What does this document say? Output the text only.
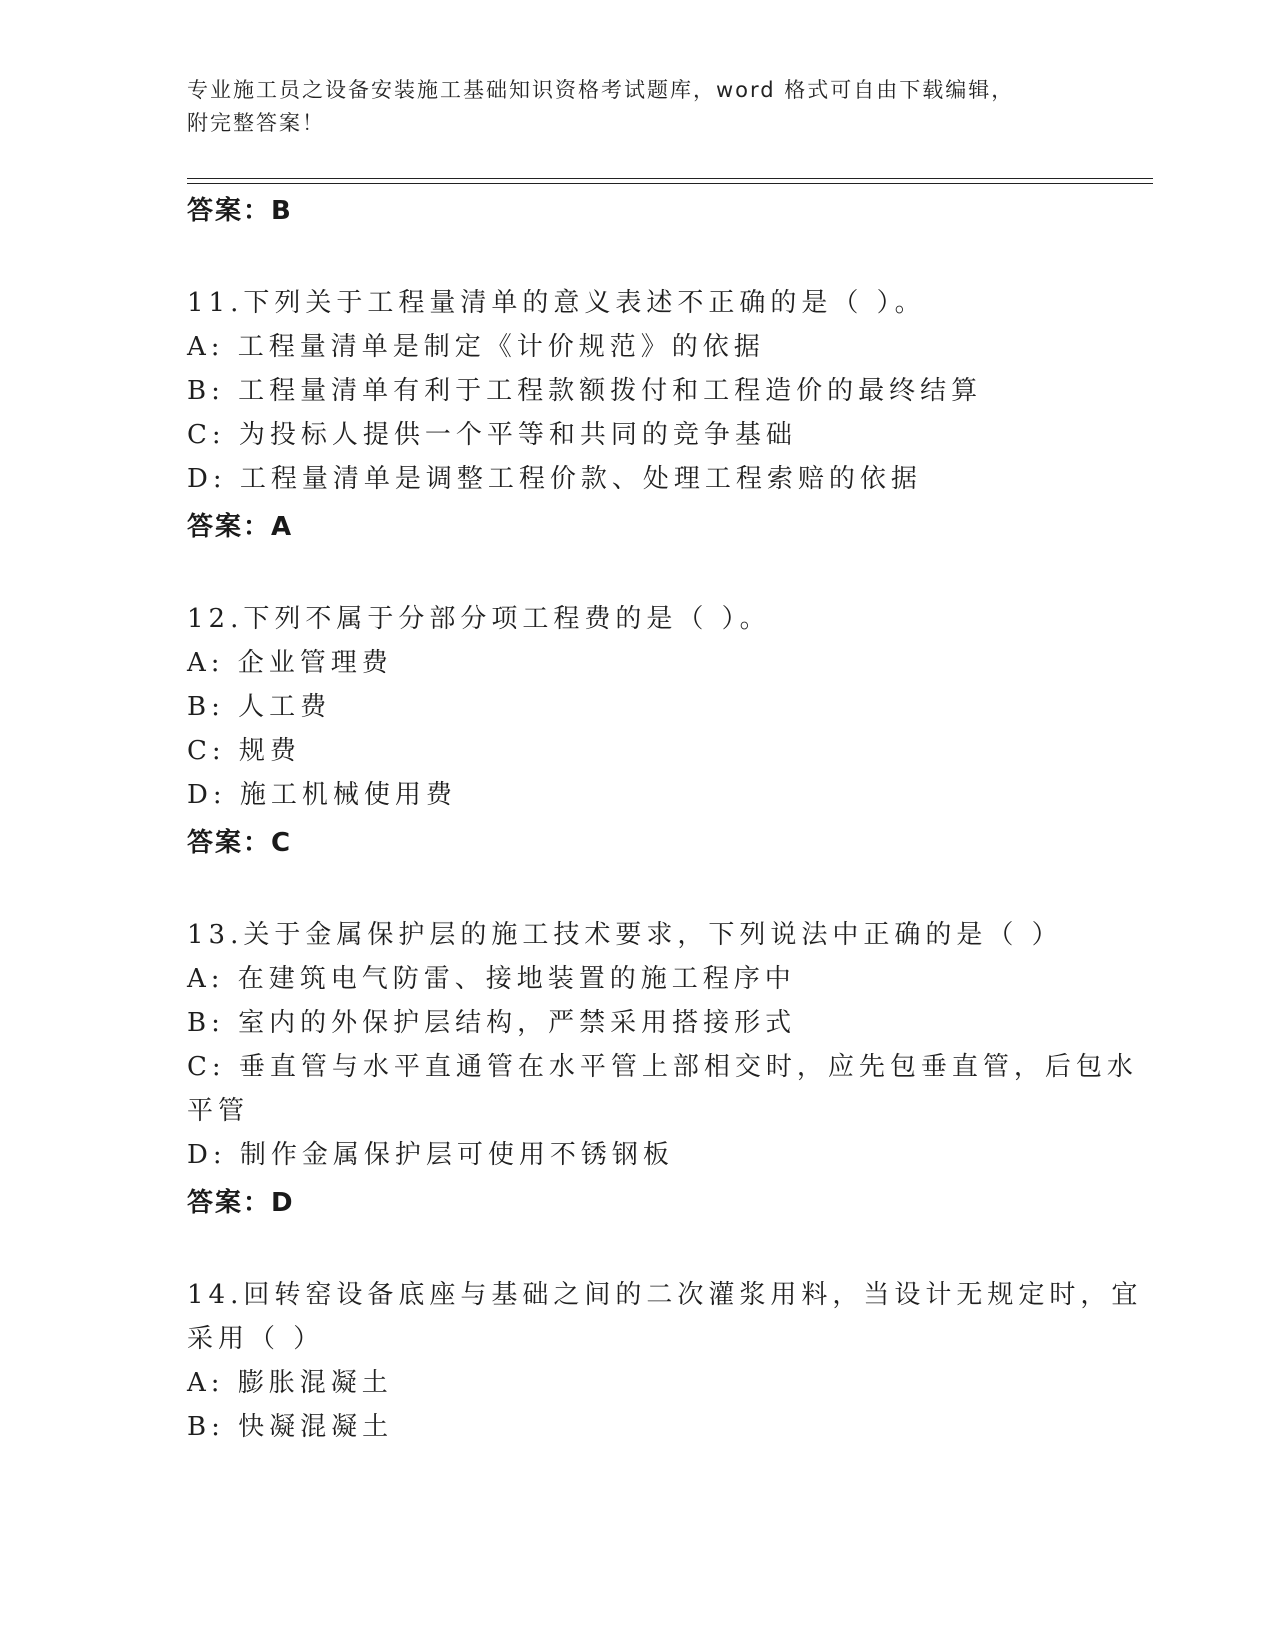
专业施工员之设备安装施工基础知识资格考试题库，word 格式可自由下载编辑，
附完整答案！
答案：B
11.下列关于工程量清单的意义表述不正确的是（ ）。
A: 工程量清单是制定《计价规范》的依据
B: 工程量清单有利于工程款额拨付和工程造价的最终结算
C: 为投标人提供一个平等和共同的竞争基础
D: 工程量清单是调整工程价款、处理工程索赔的依据
答案：A
12.下列不属于分部分项工程费的是（ ）。
A: 企业管理费
B: 人工费
C: 规费
D: 施工机械使用费
答案：C
13.关于金属保护层的施工技术要求，下列说法中正确的是（ ）
A: 在建筑电气防雷、接地装置的施工程序中
B: 室内的外保护层结构，严禁采用搭接形式
C: 垂直管与水平直通管在水平管上部相交时，应先包垂直管，后包水
平管
D: 制作金属保护层可使用不锈钢板
答案：D
14.回转窑设备底座与基础之间的二次灌浆用料，当设计无规定时，宜
采用（ ）
A: 膨胀混凝土
B: 快凝混凝土
